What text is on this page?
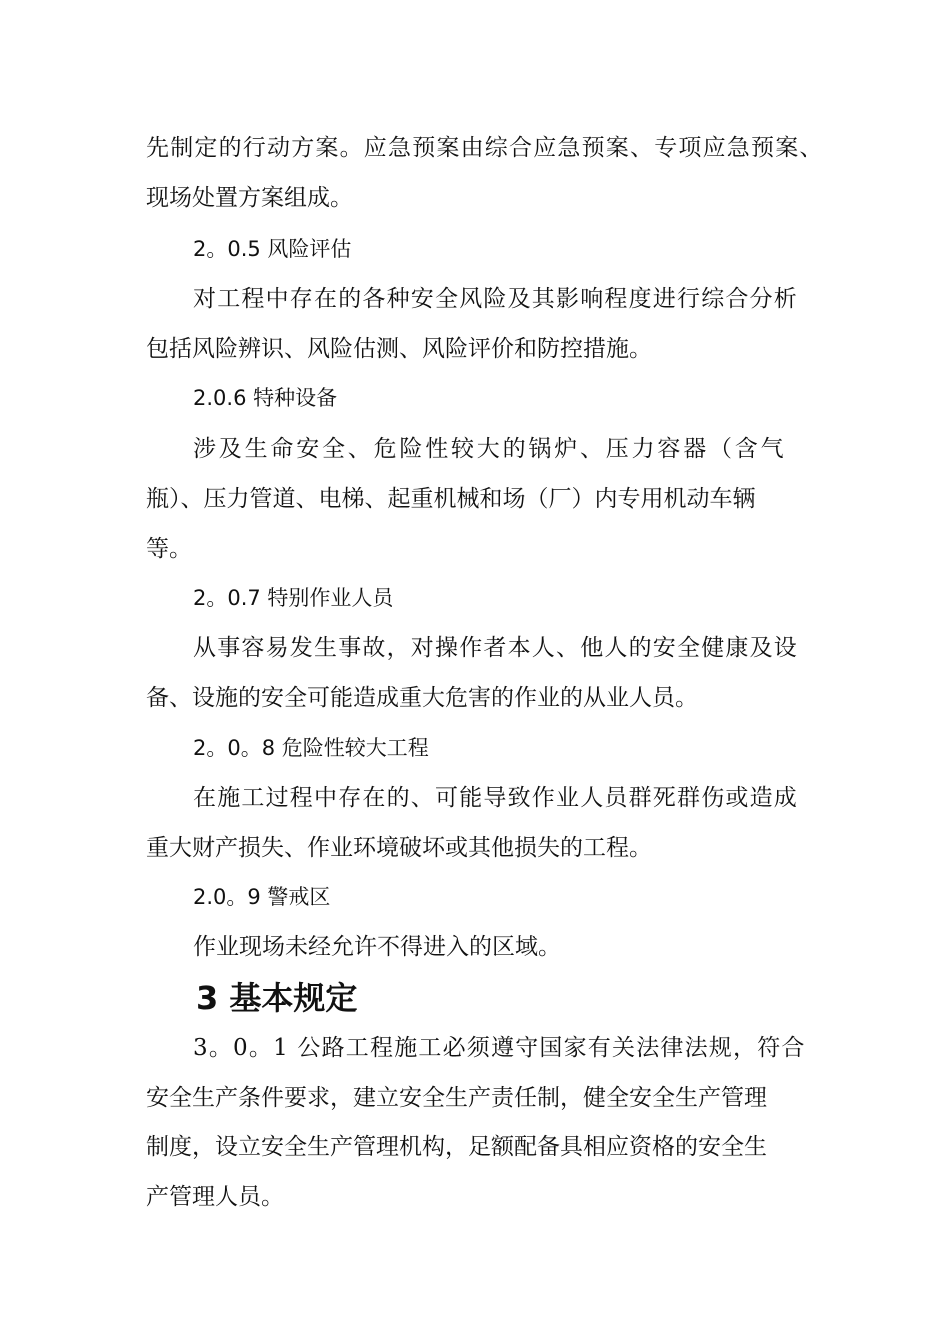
先制定的行动方案。应急预案由综合应急预案、专项应急预案、
现场处置方案组成。
2。0.5 风险评估
对工程中存在的各种安全风险及其影响程度进行综合分析
包括风险辨识、风险估测、风险评价和防控措施。
2.0.6 特种设备
涉及生命安全、危险性较大的锅炉、压力容器（含气
瓶）、压力管道、电梯、起重机械和场（厂）内专用机动车辆
等。
2。0.7 特别作业人员
从事容易发生事故，对操作者本人、他人的安全健康及设
备、设施的安全可能造成重大危害的作业的从业人员。
2。0。8 危险性较大工程
在施工过程中存在的、可能导致作业人员群死群伤或造成
重大财产损失、作业环境破坏或其他损失的工程。
2.0。9 警戒区
作业现场未经允许不得进入的区域。
3 基本规定
3。0。1 公路工程施工必须遵守国家有关法律法规，符合
安全生产条件要求，建立安全生产责任制，健全安全生产管理
制度，设立安全生产管理机构，足额配备具相应资格的安全生
产管理人员。
